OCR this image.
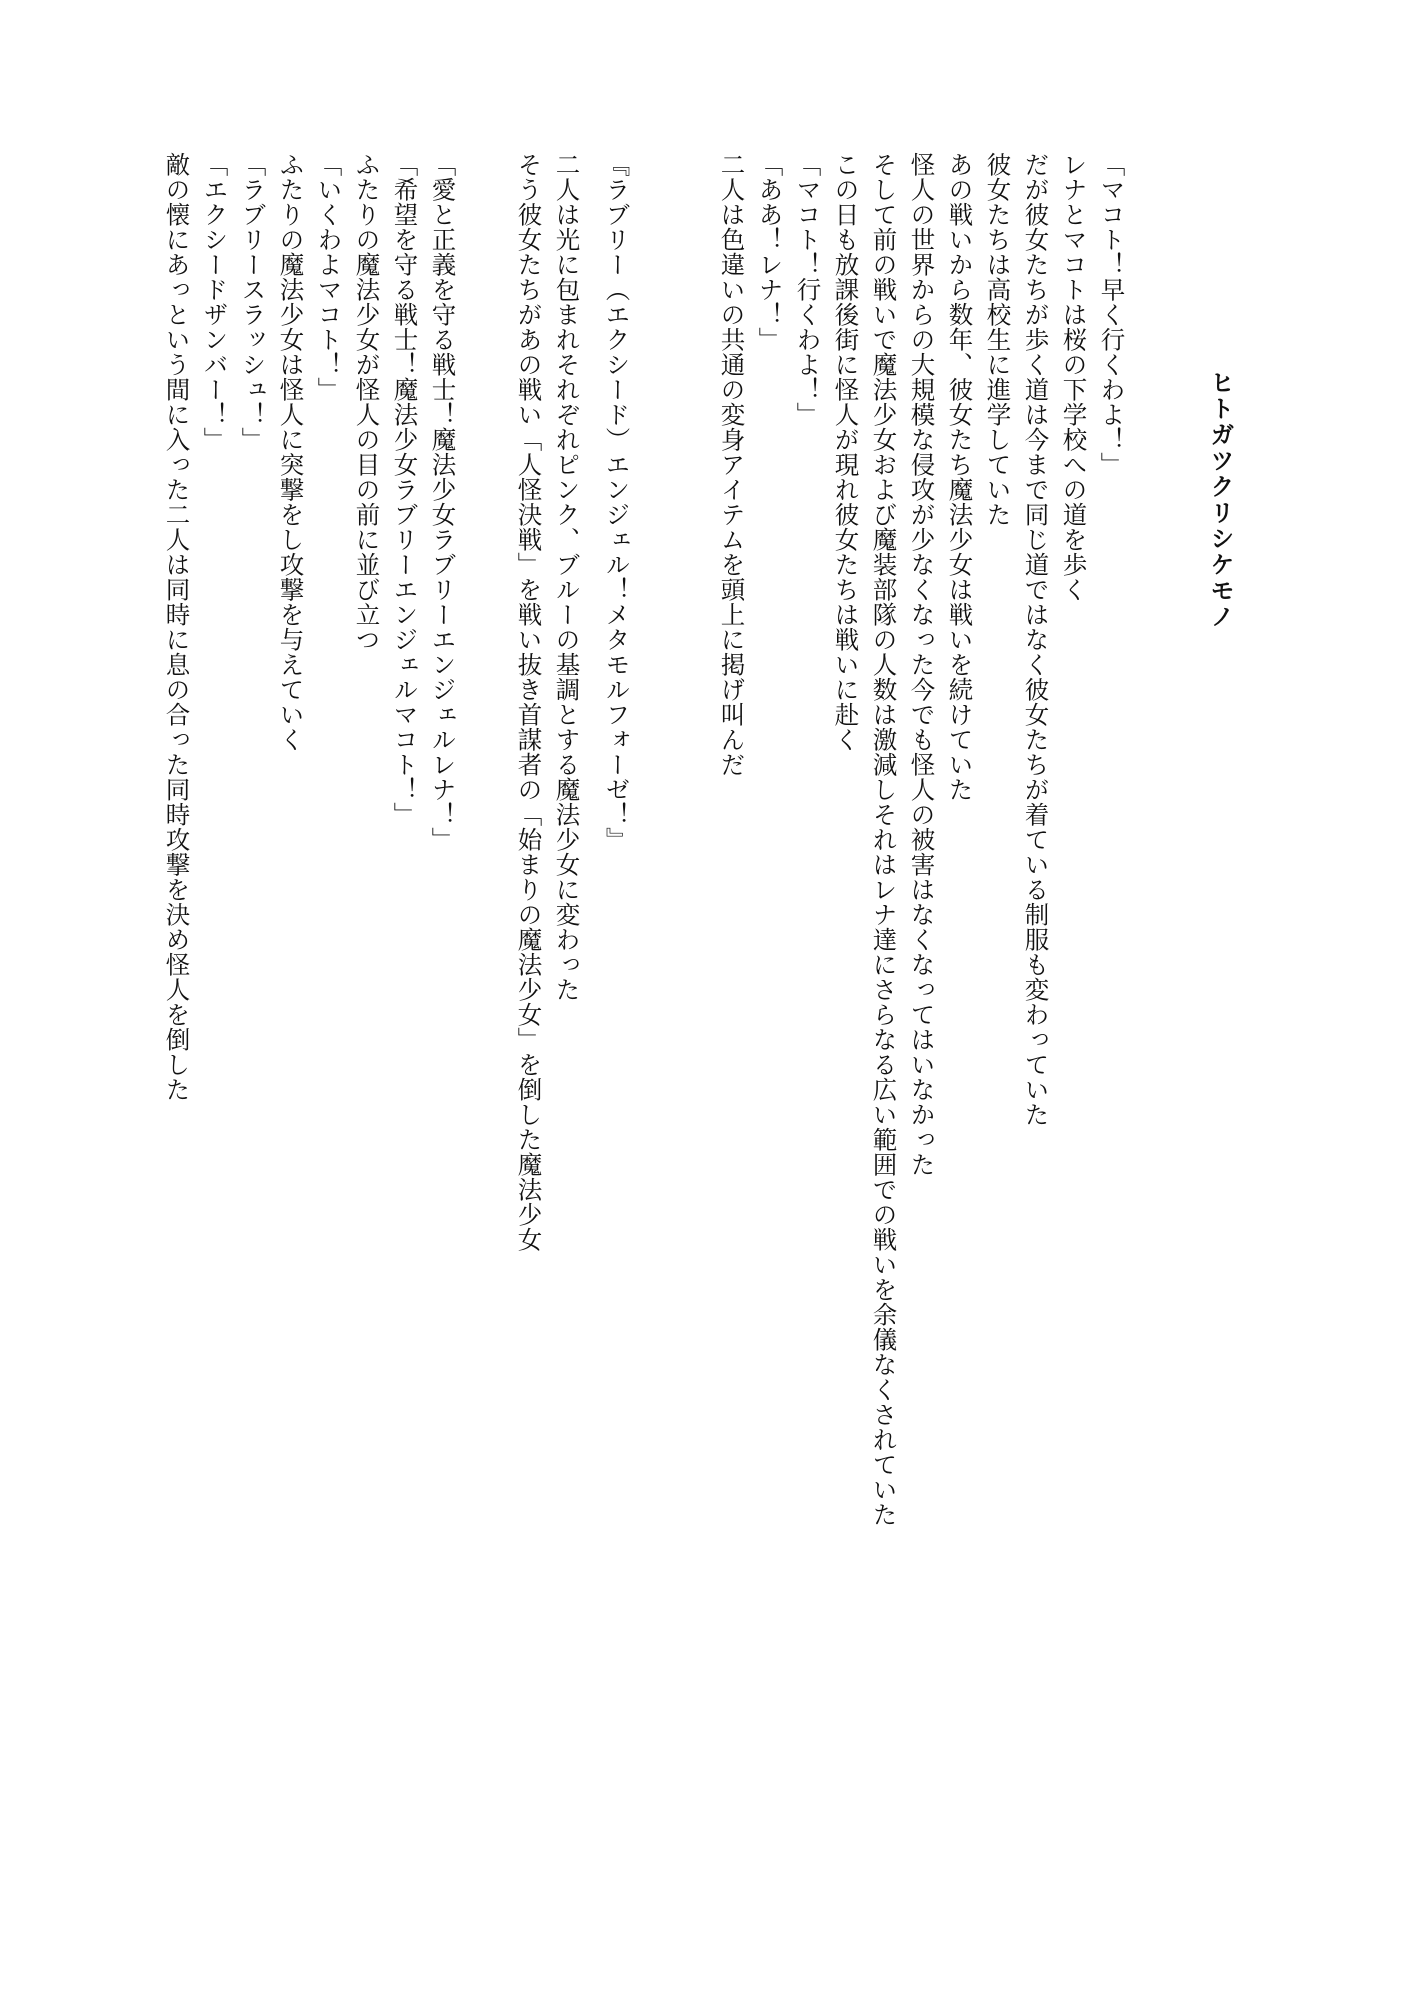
ヒトガツクリシケモノ

彼女たちは高校生に進学していた だが彼女たちが歩く道は今まで同じ道ではなく彼女たちが着ている制服も変わっていた レナとマコトは桜の下学校への道を歩く 「マコト！早く行くわよ！」

あの戦いから数年、彼女たち魔法少女は戦いを続けていた

怪人の世界からの大規模な侵攻が少なくなった今でも怪人の被害はなくなってはいなかった

そして前の戦いで魔法少女および魔装部隊の人数は激減しそれはレナ達にさらなる広い範囲での戦いを余儀なくされていた

この日も放課後街に怪人が現れ彼女たちは戦いに赴く

「マコト！行くわよ！」

「ああ！レナ！」

二人は色違いの共通の変身アイテムを頭上に掲げ叫んだ

『ラブリー（エクシード）エンジェル！メタモルフォーゼ！』

二人は光に包まれそれぞれピンク、ブルーの基調とする魔法少女に変わった

そう彼女たちがあの戦い「人怪決戦」を戦い抜き首謀者の「始まりの魔法少女」を倒した魔法少女

「愛と正義を守る戦士！魔法少女ラブリーエンジェルレナ！」

「希望を守る戦士！魔法少女ラブリーエンジェルマコト！」

ふたりの魔法少女が怪人の目の前に並び立つ

「いくわよマコト！」

ふたりの魔法少女は怪人に突撃をし攻撃を与えていく

「ラブリースラッシュ！」

「エクシードザンバー！」

敵の懐にあっという間に入った二人は同時に息の合った同時攻撃を決め怪人を倒した
